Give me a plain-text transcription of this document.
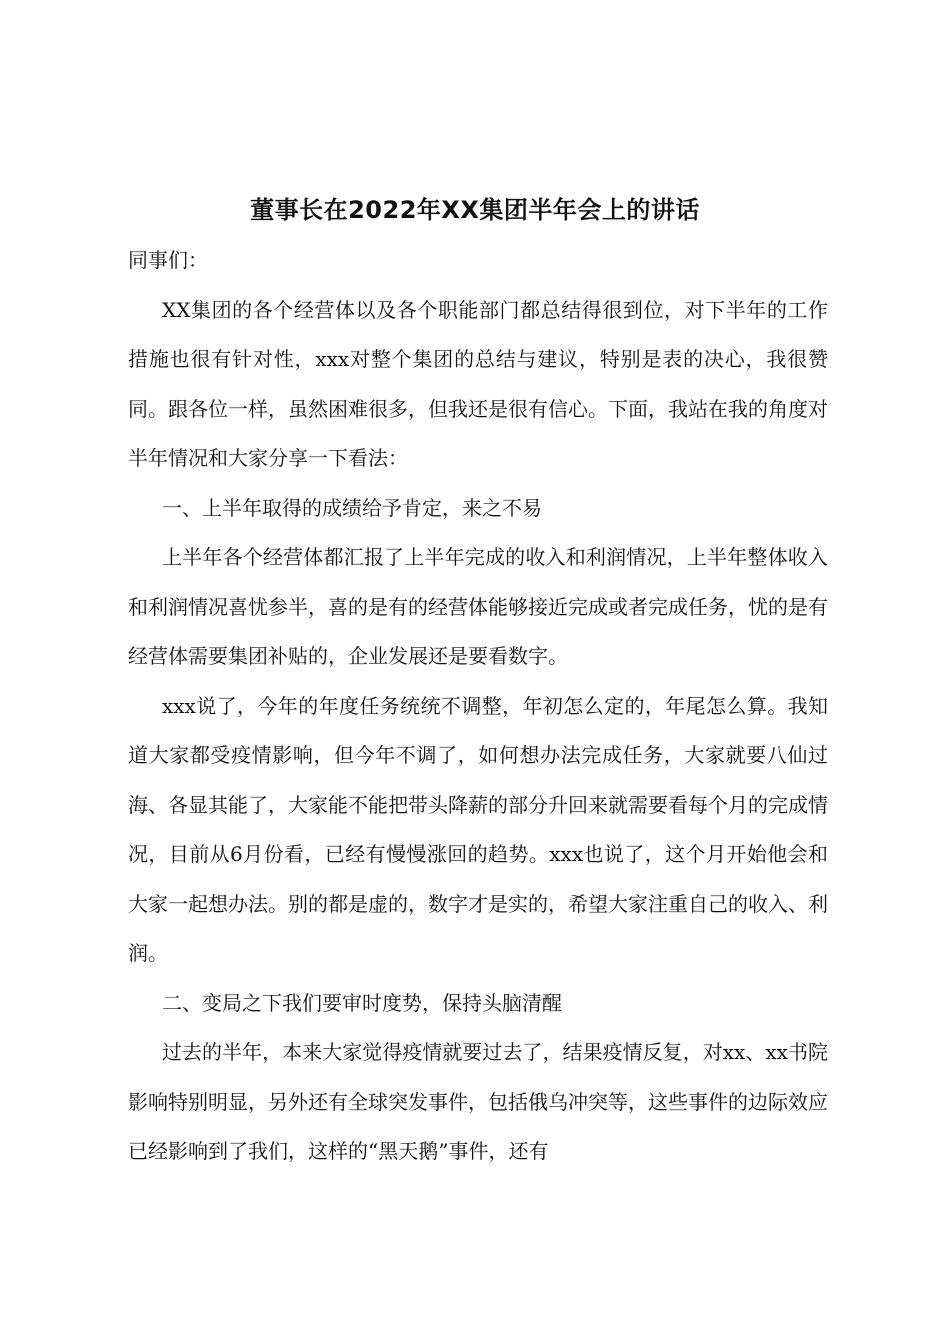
董事长在2022年XX集团半年会上的讲话

同事们：

XX集团的各个经营体以及各个职能部门都总结得很到位，对下半年的工作措施也很有针对性，xxx对整个集团的总结与建议，特别是表的决心，我很赞同。跟各位一样，虽然困难很多，但我还是很有信心。下面，我站在我的角度对半年情况和大家分享一下看法：

一、上半年取得的成绩给予肯定，来之不易

上半年各个经营体都汇报了上半年完成的收入和利润情况，上半年整体收入和利润情况喜忧参半，喜的是有的经营体能够接近完成或者完成任务，忧的是有经营体需要集团补贴的，企业发展还是要看数字。

xxx说了，今年的年度任务统统不调整，年初怎么定的，年尾怎么算。我知道大家都受疫情影响，但今年不调了，如何想办法完成任务，大家就要八仙过海、各显其能了，大家能不能把带头降薪的部分升回来就需要看每个月的完成情况，目前从6月份看，已经有慢慢涨回的趋势。xxx也说了，这个月开始他会和大家一起想办法。别的都是虚的，数字才是实的，希望大家注重自己的收入、利润。

二、变局之下我们要审时度势，保持头脑清醒

过去的半年，本来大家觉得疫情就要过去了，结果疫情反复，对xx、xx书院影响特别明显，另外还有全球突发事件，包括俄乌冲突等，这些事件的边际效应已经影响到了我们，这样的“黑天鹅”事件，还有
